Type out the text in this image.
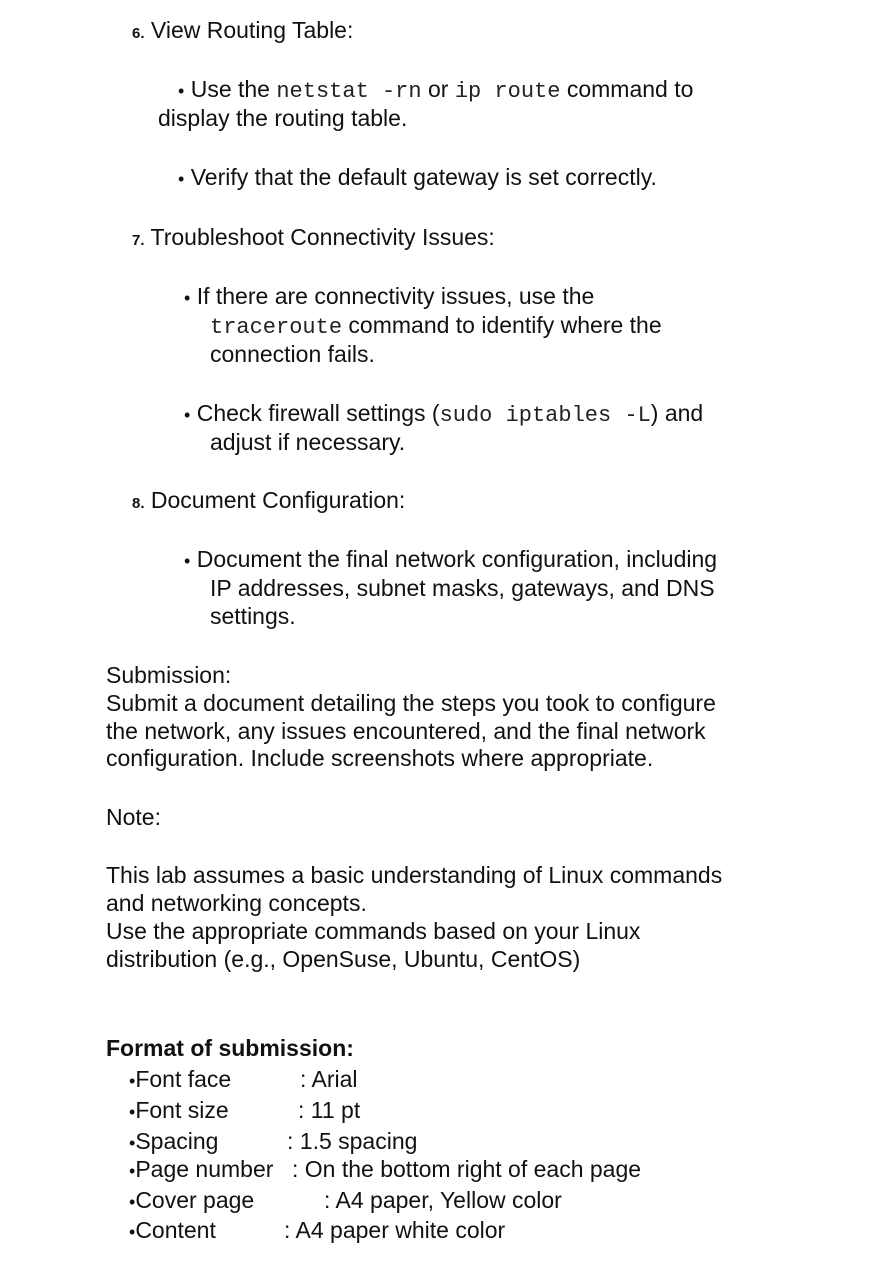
6. View Routing Table:
• Use the netstat -rn or ip route command to
display the routing table.
• Verify that the default gateway is set correctly.
7. Troubleshoot Connectivity Issues:
• If there are connectivity issues, use the
traceroute command to identify where the
connection fails.
• Check firewall settings (sudo iptables -L) and
adjust if necessary.
8. Document Configuration:
• Document the final network configuration, including
IP addresses, subnet masks, gateways, and DNS
settings.
Submission:
Submit a document detailing the steps you took to configure
the network, any issues encountered, and the final network
configuration. Include screenshots where appropriate.
Note:
This lab assumes a basic understanding of Linux commands
and networking concepts.
Use the appropriate commands based on your Linux
distribution (e.g., OpenSuse, Ubuntu, CentOS)
Format of submission:
•Font face	: Arial
•Font size	: 11 pt
•Spacing	: 1.5 spacing
•Page number : On the bottom right of each page
•Cover page	: A4 paper, Yellow color
•Content	: A4 paper white color
